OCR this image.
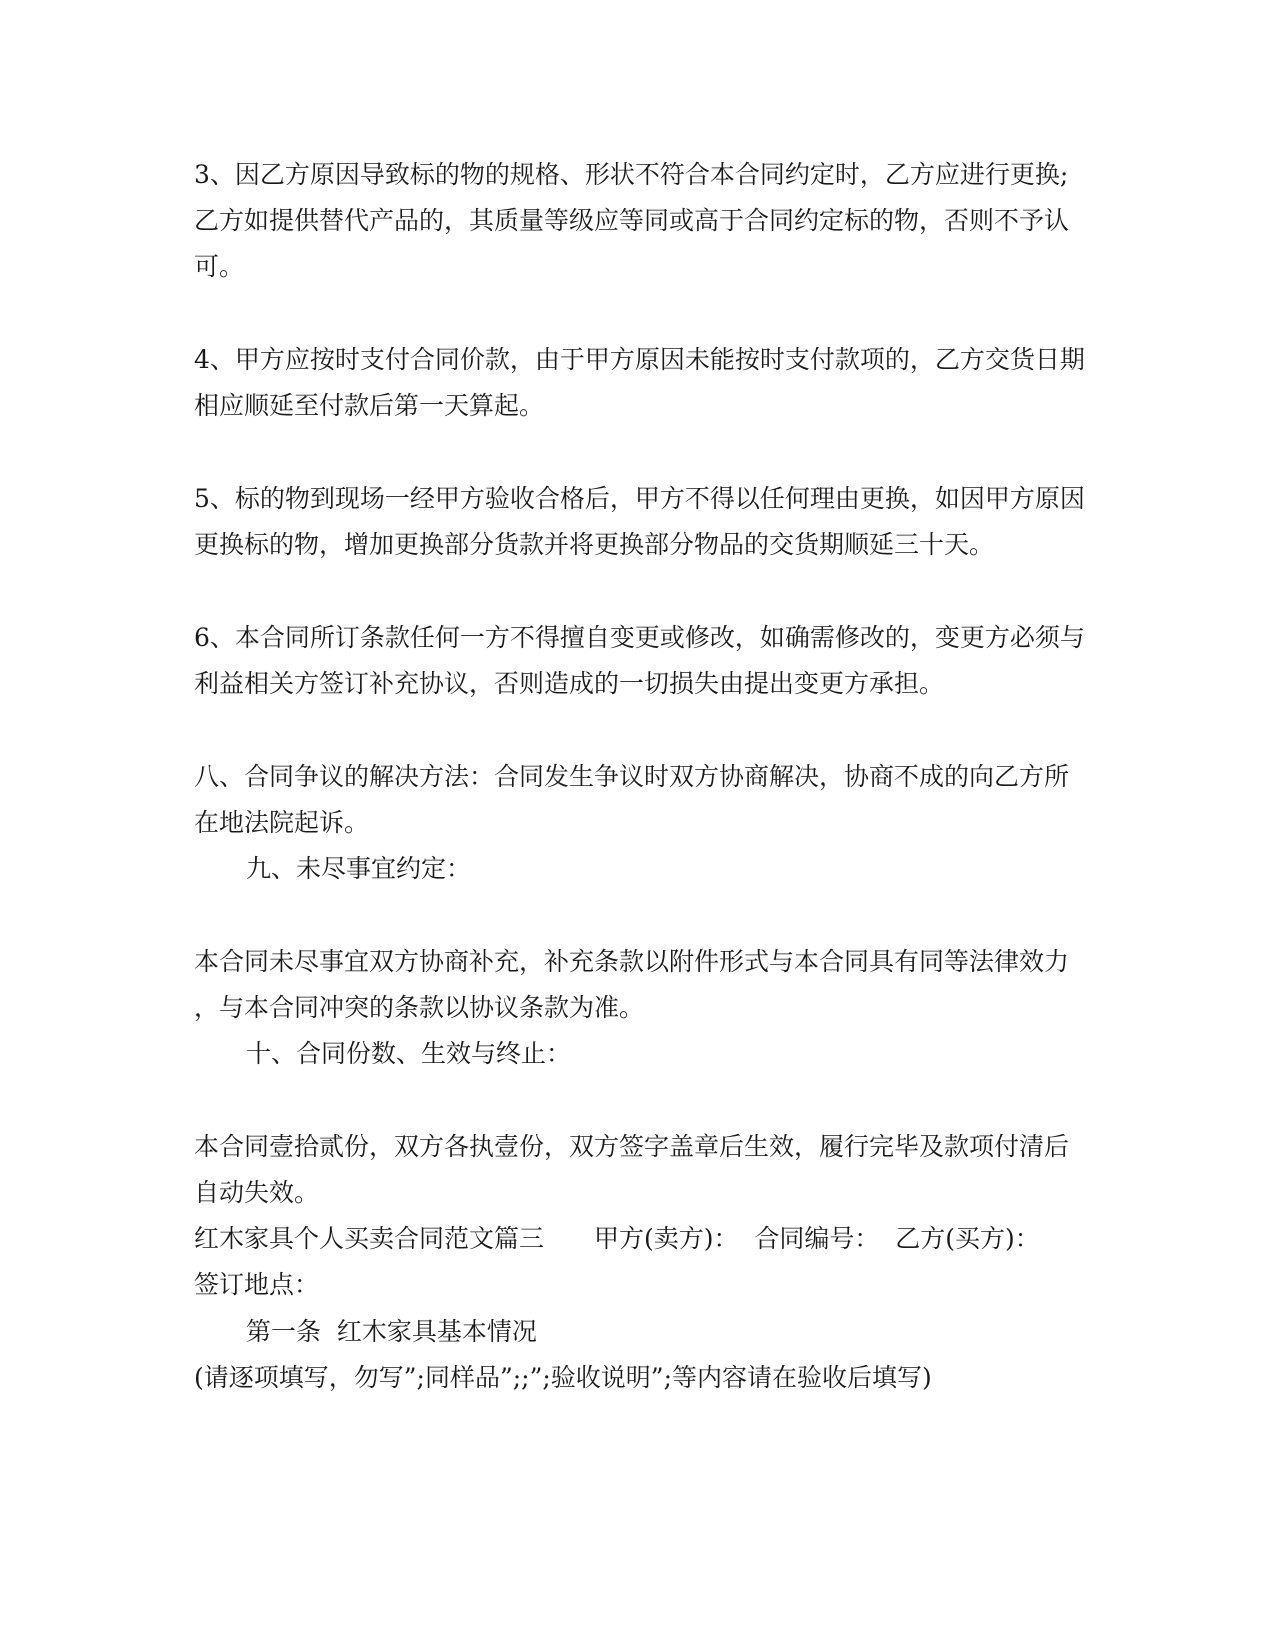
3、因乙方原因导致标的物的规格、形状不符合本合同约定时，乙方应进行更换;
乙方如提供替代产品的，其质量等级应等同或高于合同约定标的物，否则不予认
可。
4、甲方应按时支付合同价款，由于甲方原因未能按时支付款项的，乙方交货日期
相应顺延至付款后第一天算起。
5、标的物到现场一经甲方验收合格后，甲方不得以任何理由更换，如因甲方原因
更换标的物，增加更换部分货款并将更换部分物品的交货期顺延三十天。
6、本合同所订条款任何一方不得擅自变更或修改，如确需修改的，变更方必须与
利益相关方签订补充协议，否则造成的一切损失由提出变更方承担。
八、合同争议的解决方法：合同发生争议时双方协商解决，协商不成的向乙方所
在地法院起诉。
九、未尽事宜约定：
本合同未尽事宜双方协商补充，补充条款以附件形式与本合同具有同等法律效力
，与本合同冲突的条款以协议条款为准。
十、合同份数、生效与终止：
本合同壹拾贰份，双方各执壹份，双方签字盖章后生效，履行完毕及款项付清后
自动失效。
红木家具个人买卖合同范文篇三　　甲方(卖方)：  合同编号：  乙方(买方)：
签订地点：
第一条  红木家具基本情况
(请逐项填写，勿写”;同样品”;;”;验收说明”;等内容请在验收后填写)
